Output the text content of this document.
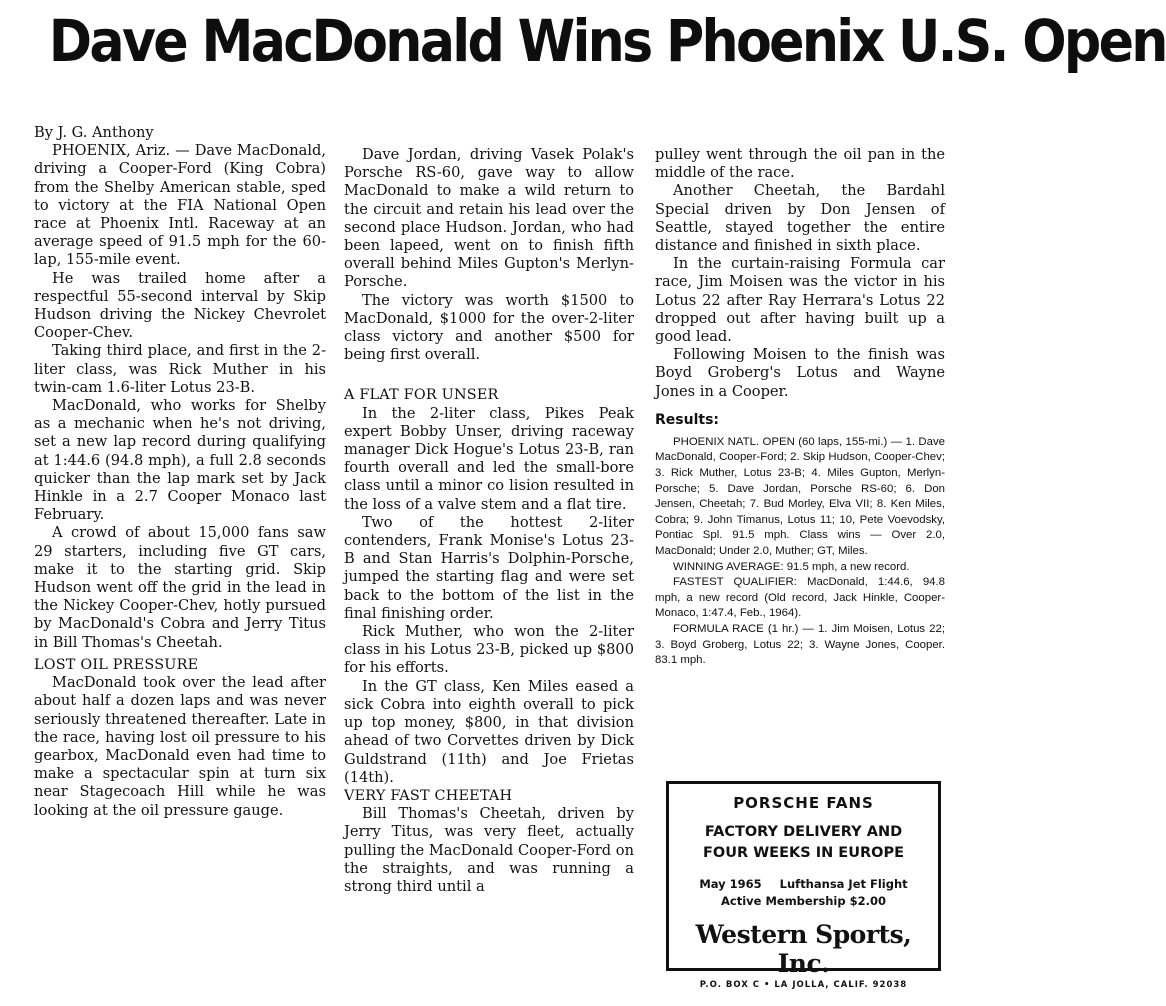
Dave MacDonald Wins Phoenix U.S. Open

By J. G. Anthony

PHOENIX, Ariz. — Dave MacDonald, driving a Cooper-Ford (King Cobra) from the Shelby American stable, sped to victory at the FIA National Open race at Phoenix Intl. Raceway at an average speed of 91.5 mph for the 60-lap, 155-mile event.

He was trailed home after a respectful 55-second interval by Skip Hudson driving the Nickey Chevrolet Cooper-Chev.

Taking third place, and first in the 2-liter class, was Rick Muther in his twin-cam 1.6-liter Lotus 23-B.

MacDonald, who works for Shelby as a mechanic when he's not driving, set a new lap record during qualifying at 1:44.6 (94.8 mph), a full 2.8 seconds quicker than the lap mark set by Jack Hinkle in a 2.7 Cooper Monaco last February.

A crowd of about 15,000 fans saw 29 starters, including five GT cars, make it to the starting grid. Skip Hudson went off the grid in the lead in the Nickey Cooper-Chev, hotly pursued by MacDonald's Cobra and Jerry Titus in Bill Thomas's Cheetah.

LOST OIL PRESSURE

MacDonald took over the lead after about half a dozen laps and was never seriously threatened thereafter. Late in the race, having lost oil pressure to his gearbox, MacDonald even had time to make a spectacular spin at turn six near Stagecoach Hill while he was looking at the oil pressure gauge.

Dave Jordan, driving Vasek Polak's Porsche RS-60, gave way to allow MacDonald to make a wild return to the circuit and retain his lead over the second place Hudson. Jordan, who had been lapeed, went on to finish fifth overall behind Miles Gupton's Merlyn-Porsche.

The victory was worth $1500 to MacDonald, $1000 for the over-2-liter class victory and another $500 for being first overall.

A FLAT FOR UNSER

In the 2-liter class, Pikes Peak expert Bobby Unser, driving raceway manager Dick Hogue's Lotus 23-B, ran fourth overall and led the small-bore class until a minor co lision resulted in the loss of a valve stem and a flat tire.

Two of the hottest 2-liter contenders, Frank Monise's Lotus 23-B and Stan Harris's Dolphin-Porsche, jumped the starting flag and were set back to the bottom of the list in the final finishing order.

Rick Muther, who won the 2-liter class in his Lotus 23-B, picked up $800 for his efforts.

In the GT class, Ken Miles eased a sick Cobra into eighth overall to pick up top money, $800, in that division ahead of two Corvettes driven by Dick Guldstrand (11th) and Joe Frietas (14th).

VERY FAST CHEETAH

Bill Thomas's Cheetah, driven by Jerry Titus, was very fleet, actually pulling the MacDonald Cooper-Ford on the straights, and was running a strong third until a

pulley went through the oil pan in the middle of the race.

Another Cheetah, the Bardahl Special driven by Don Jensen of Seattle, stayed together the entire distance and finished in sixth place.

In the curtain-raising Formula car race, Jim Moisen was the victor in his Lotus 22 after Ray Herrara's Lotus 22 dropped out after having built up a good lead.

Following Moisen to the finish was Boyd Groberg's Lotus and Wayne Jones in a Cooper.

Results:

PHOENIX NATL. OPEN (60 laps, 155-mi.) — 1. Dave MacDonald, Cooper-Ford; 2. Skip Hudson, Cooper-Chev; 3. Rick Muther, Lotus 23-B; 4. Miles Gupton, Merlyn-Porsche; 5. Dave Jordan, Porsche RS-60; 6. Don Jensen, Cheetah; 7. Bud Morley, Elva VII; 8. Ken Miles, Cobra; 9. John Timanus, Lotus 11; 10, Pete Voevodsky, Pontiac Spl. 91.5 mph. Class wins — Over 2.0, MacDonald; Under 2.0, Muther; GT, Miles.

WINNING AVERAGE: 91.5 mph, a new record.

FASTEST QUALIFIER: MacDonald, 1:44.6, 94.8 mph, a new record (Old record, Jack Hinkle, Cooper-Monaco, 1:47.4, Feb., 1964).

FORMULA RACE (1 hr.) — 1. Jim Moisen, Lotus 22; 3. Boyd Groberg, Lotus 22; 3. Wayne Jones, Cooper. 83.1 mph.

PORSCHE FANS
FACTORY DELIVERY AND
FOUR WEEKS IN EUROPE
May 1965 Lufthansa Jet Flight
Active Membership $2.00
Western Sports, Inc.
P.O. BOX C • LA JOLLA, CALIF. 92038
